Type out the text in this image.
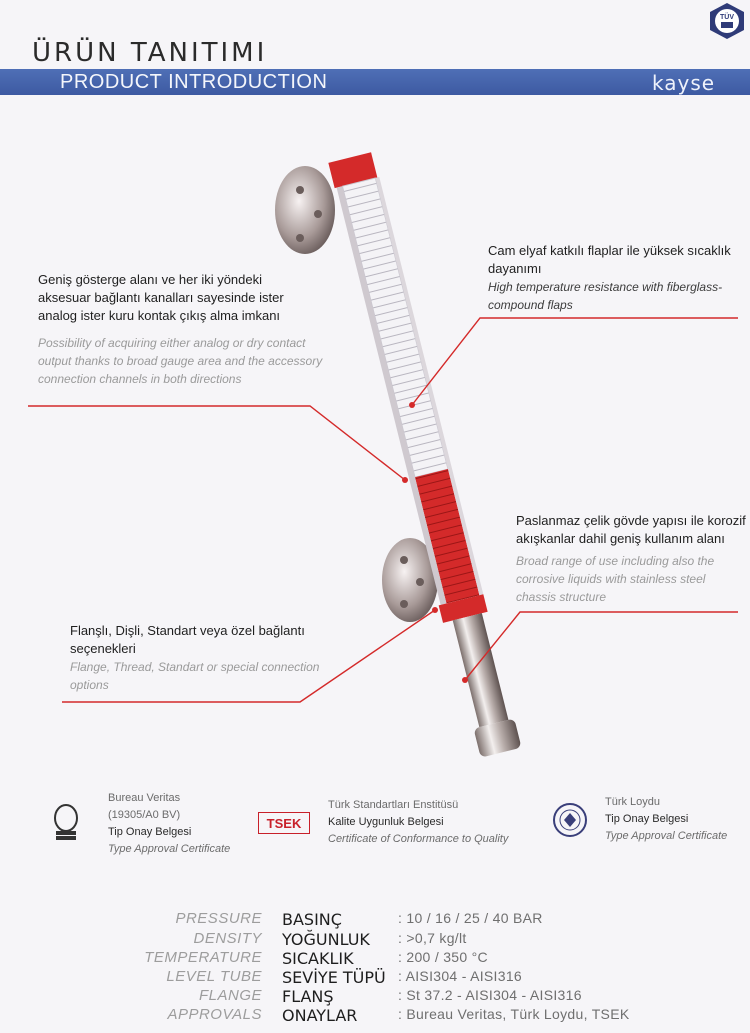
TÜV
ÜRÜN TANITIMI
PRODUCT INTRODUCTION	kayse
Geniş gösterge alanı ve her iki yöndeki aksesuar bağlantı kanalları sayesinde ister analog ister kuru kontak çıkış alma imkanı
Possibility of acquiring either analog or dry contact output thanks to broad gauge area and the accessory connection channels in both directions
Cam elyaf katkılı flaplar ile yüksek sıcaklık dayanımı
High temperature resistance with fiberglass-compound flaps
Paslanmaz çelik gövde yapısı ile korozif akışkanlar dahil geniş kullanım alanı
Broad range of use including also the corrosive liquids with stainless steel chassis structure
Flanşlı, Dişli, Standart veya özel bağlantı seçenekleri
Flange, Thread, Standart or special connection options
Bureau Veritas
(19305/A0 BV)
Tip Onay Belgesi
Type Approval Certificate
TSEK
Türk Standartları Enstitüsü
Kalite Uygunluk Belgesi
Certificate of Conformance to Quality
Türk Loydu
Tip Onay Belgesi
Type Approval Certificate
PRESSURE BASINÇ	: 10 / 16 / 25 / 40 BAR
DENSITY YOĞUNLUK : >0,7 kg/lt
TEMPERATURE SICAKLIK	: 200 / 350 °C
LEVEL TUBE SEVİYE TÜPÜ : AISI304 - AISI316
FLANGE FLANŞ	: St 37.2 - AISI304 - AISI316
APPROVALS ONAYLAR	: Bureau Veritas, Türk Loydu, TSEK
